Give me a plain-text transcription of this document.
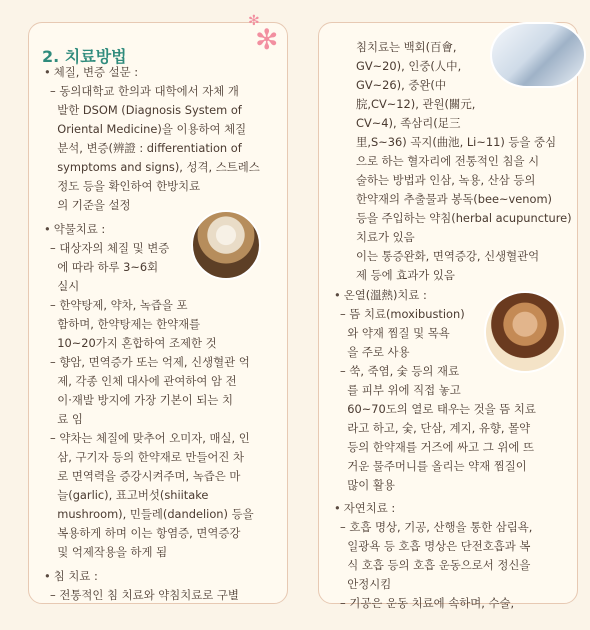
✻
✻
2. 치료방법
• 체질, 변증 설문 :
– 동의대학교 한의과 대학에서 자체 개
발한 DSOM (Diagnosis System of
Oriental Medicine)을 이용하여 체질
분석, 변증(辨證 : differentiation of
symptoms and signs), 성격, 스트레스
정도 등을 확인하여 한방치료
의 기준을 설정
• 약물치료 :
– 대상자의 체질 및 변증
에 따라 하루 3~6회
실시
– 한약탕제, 약차, 녹즙을 포
함하며, 한약탕제는 한약재를
10~20가지 혼합하여 조제한 것
– 향암, 면역증가 또는 억제, 신생혈관 억
제, 각종 인체 대사에 관여하여 암 전
이·재발 방지에 가장 기본이 되는 치
료 임
– 약차는 체질에 맞추어 오미자, 매실, 인
삼, 구기자 등의 한약재로 만들어진 차
로 면역력을 증강시켜주며, 녹즙은 마
늘(garlic), 표고버섯(shiitake
mushroom), 민들레(dandelion) 등을
복용하게 하며 이는 항염증, 면역증강
및 억제작용을 하게 됨
• 침 치료 :
– 전통적인 침 치료와 약침치료로 구별
침치료는 백회(百會,
GV~20), 인중(人中,
GV~26), 중완(中
脘,CV~12), 관원(關元,
CV~4), 족삼리(足三
里,S~36) 곡지(曲池, Li~11) 등을 중심
으로 하는 혈자리에 전통적인 침을 시
술하는 방법과 인삼, 녹용, 산삼 등의
한약재의 추출물과 봉독(bee~venom)
등을 주입하는 약침(herbal acupuncture)
치료가 있음
이는 통증완화, 면역증강, 신생혈관억
제 등에 효과가 있음
• 온열(溫熱)치료 :
– 뜸 치료(moxibustion)
와 약재 찜질 및 목욕
을 주로 사용
– 쑥, 죽염, 숯 등의 재료
를 피부 위에 직접 놓고
60~70도의 열로 태우는 것을 뜸 치료
라고 하고, 숯, 단삼, 계지, 유향, 몰약
등의 한약재를 거즈에 싸고 그 위에 뜨
거운 물주머니를 올리는 약재 찜질이
많이 활용
• 자연치료 :
– 호흡 명상, 기공, 산행을 통한 삼림욕,
일광욕 등 호흡 명상은 단전호흡과 복
식 호흡 등의 호흡 운동으로서 정신을
안정시킴
– 기공은 운동 치료에 속하며, 수술,
